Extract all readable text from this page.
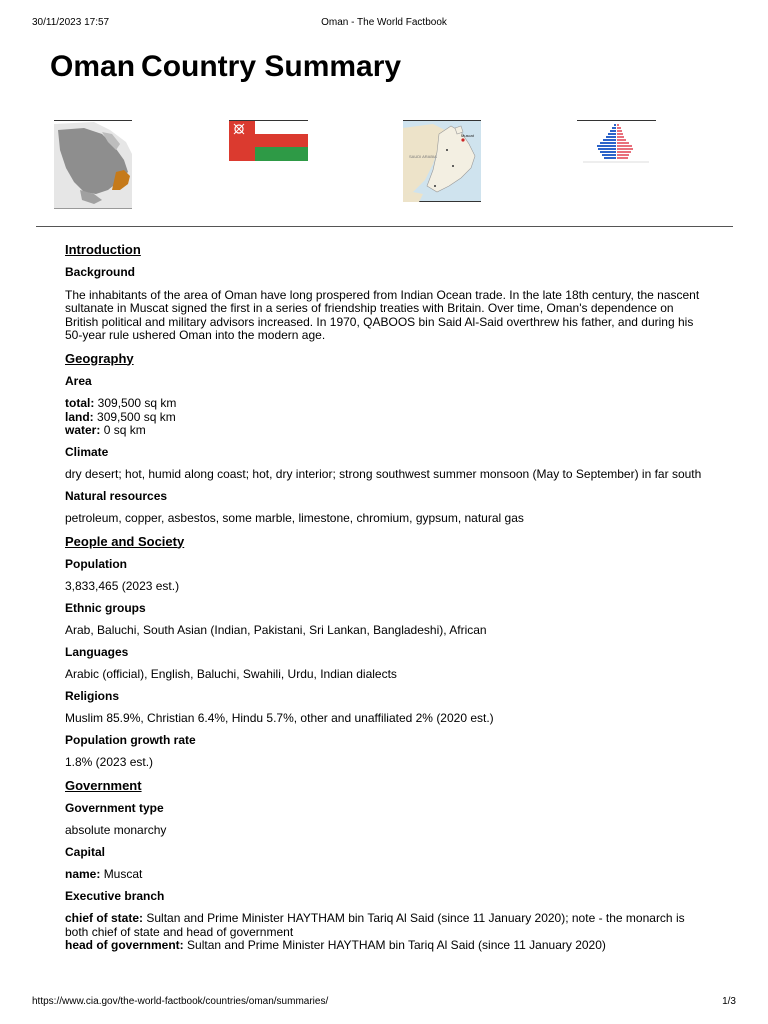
30/11/2023 17:57	Oman - The World Factbook
Oman Country Summary
SAUDI ARABIA
Muscat
Introduction
Background
The inhabitants of the area of Oman have long prospered from Indian Ocean trade. In the late 18th century, the nascent sultanate in Muscat signed the first in a series of friendship treaties with Britain. Over time, Oman's dependence on British political and military advisors increased. In 1970, QABOOS bin Said Al-Said overthrew his father, and during his 50-year rule ushered Oman into the modern age.
Geography
Area
total: 309,500 sq km
land: 309,500 sq km
water: 0 sq km
Climate
dry desert; hot, humid along coast; hot, dry interior; strong southwest summer monsoon (May to September) in far south
Natural resources
petroleum, copper, asbestos, some marble, limestone, chromium, gypsum, natural gas
People and Society
Population
3,833,465 (2023 est.)
Ethnic groups
Arab, Baluchi, South Asian (Indian, Pakistani, Sri Lankan, Bangladeshi), African
Languages
Arabic (official), English, Baluchi, Swahili, Urdu, Indian dialects
Religions
Muslim 85.9%, Christian 6.4%, Hindu 5.7%, other and unaffiliated 2% (2020 est.)
Population growth rate
1.8% (2023 est.)
Government
Government type
absolute monarchy
Capital
name: Muscat
Executive branch
chief of state: Sultan and Prime Minister HAYTHAM bin Tariq Al Said (since 11 January 2020); note - the monarch is both chief of state and head of government
head of government: Sultan and Prime Minister HAYTHAM bin Tariq Al Said (since 11 January 2020)
https://www.cia.gov/the-world-factbook/countries/oman/summaries/	1/3
